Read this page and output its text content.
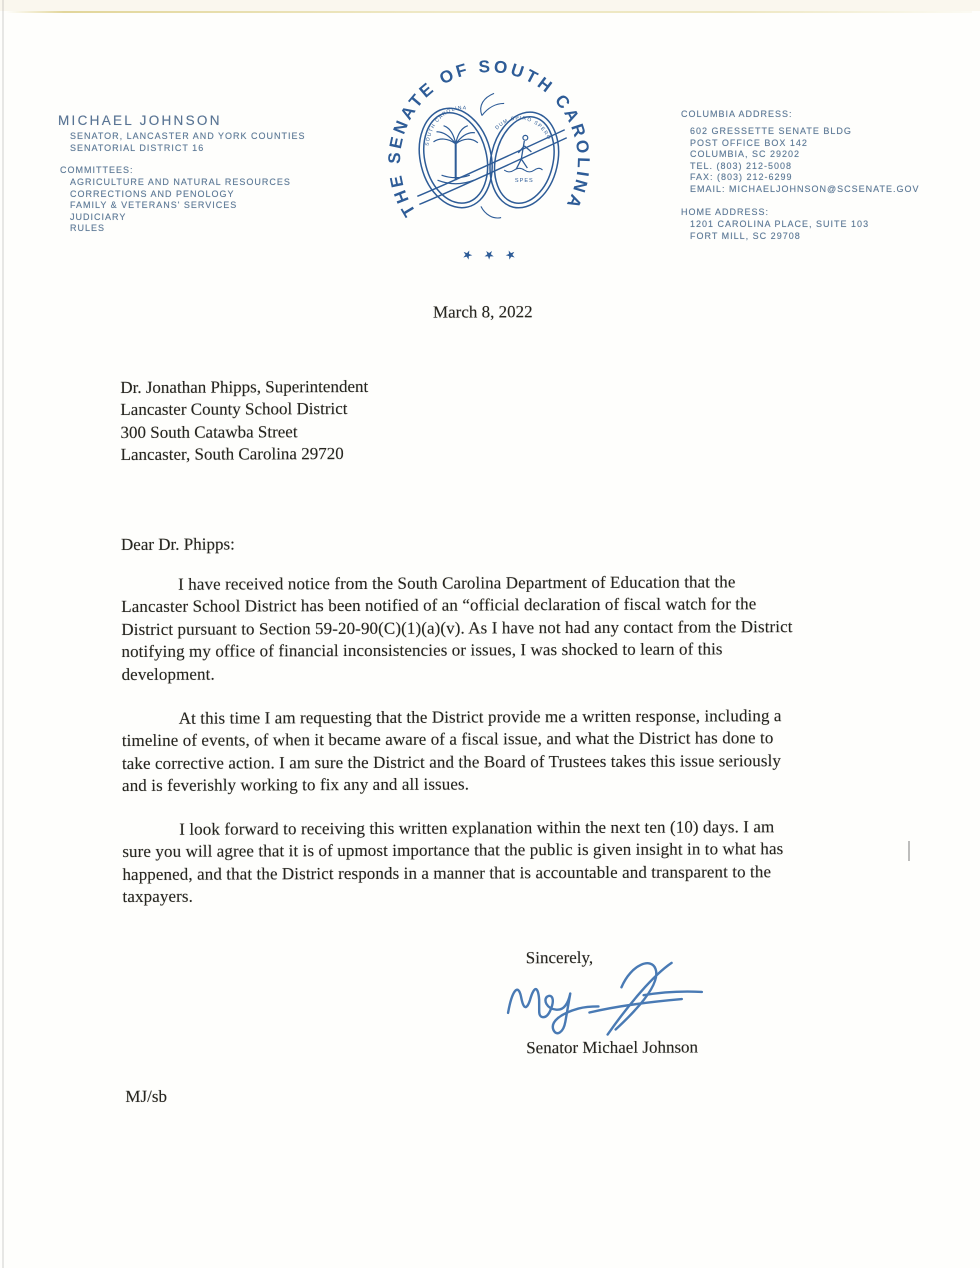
MICHAEL JOHNSON
SENATOR, LANCASTER AND YORK COUNTIES
SENATORIAL DISTRICT 16
COMMITTEES:
AGRICULTURE AND NATURAL RESOURCES
CORRECTIONS AND PENOLOGY
FAMILY & VETERANS' SERVICES
JUDICIARY
RULES
THE SENATE OF SOUTH CAROLINA
★ ★ ★
SOUTH CAROLINA
DUM SPIRO SPERO
SPES
COLUMBIA ADDRESS:
602 GRESSETTE SENATE BLDG
POST OFFICE BOX 142
COLUMBIA, SC 29202
TEL. (803) 212-5008
FAX: (803) 212-6299
EMAIL: MICHAELJOHNSON@SCSENATE.GOV
HOME ADDRESS:
1201 CAROLINA PLACE, SUITE 103
FORT MILL, SC 29708
March 8, 2022
Dr. Jonathan Phipps, Superintendent
Lancaster County School District
300 South Catawba Street
Lancaster, South Carolina 29720
Dear Dr. Phipps:
I have received notice from the South Carolina Department of Education that the
Lancaster School District has been notified of an “official declaration of fiscal watch for the
District pursuant to Section 59-20-90(C)(1)(a)(v). As I have not had any contact from the District
notifying my office of financial inconsistencies or issues, I was shocked to learn of this
development.
At this time I am requesting that the District provide me a written response, including a
timeline of events, of when it became aware of a fiscal issue, and what the District has done to
take corrective action. I am sure the District and the Board of Trustees takes this issue seriously
and is feverishly working to fix any and all issues.
I look forward to receiving this written explanation within the next ten (10) days. I am
sure you will agree that it is of upmost importance that the public is given insight in to what has
happened, and that the District responds in a manner that is accountable and transparent to the
taxpayers.
Sincerely,
Senator Michael Johnson
MJ/sb
